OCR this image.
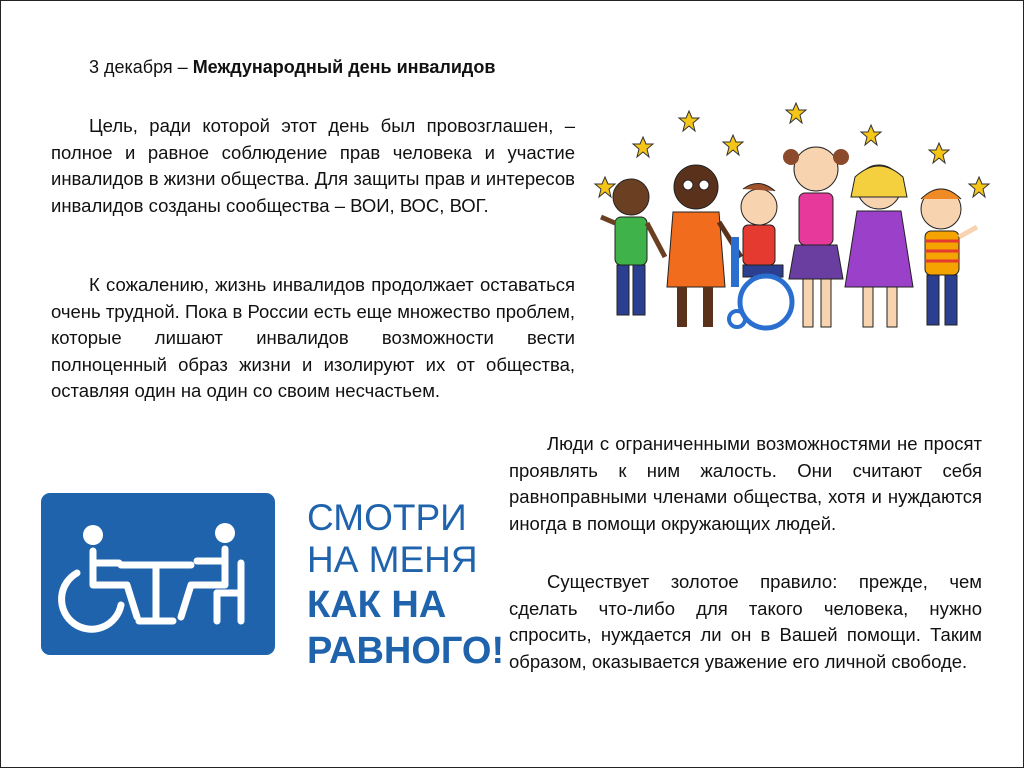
3 декабря – Международный день инвалидов

Цель, ради которой этот день был провозглашен, – полное и равное соблюдение прав человека и участие инвалидов в жизни общества. Для защиты прав и интересов инвалидов созданы сообщества – ВОИ, ВОС, ВОГ.

К сожалению, жизнь инвалидов продолжает оставаться очень трудной. Пока в России есть еще множество проблем, которые лишают инвалидов возможности вести полноценный образ жизни и изолируют их от общества, оставляя один на один со своим несчастьем.

Люди с ограниченными возможностями не просят проявлять к ним жалость. Они считают себя равноправными членами общества, хотя и нуждаются иногда в помощи окружающих людей.

Существует золотое правило: прежде, чем сделать что-либо для такого человека, нужно спросить, нуждается ли он в Вашей помощи. Таким образом, оказывается уважение его личной свободе.

СМОТРИ
НА МЕНЯ
КАК НА
РАВНОГО!
